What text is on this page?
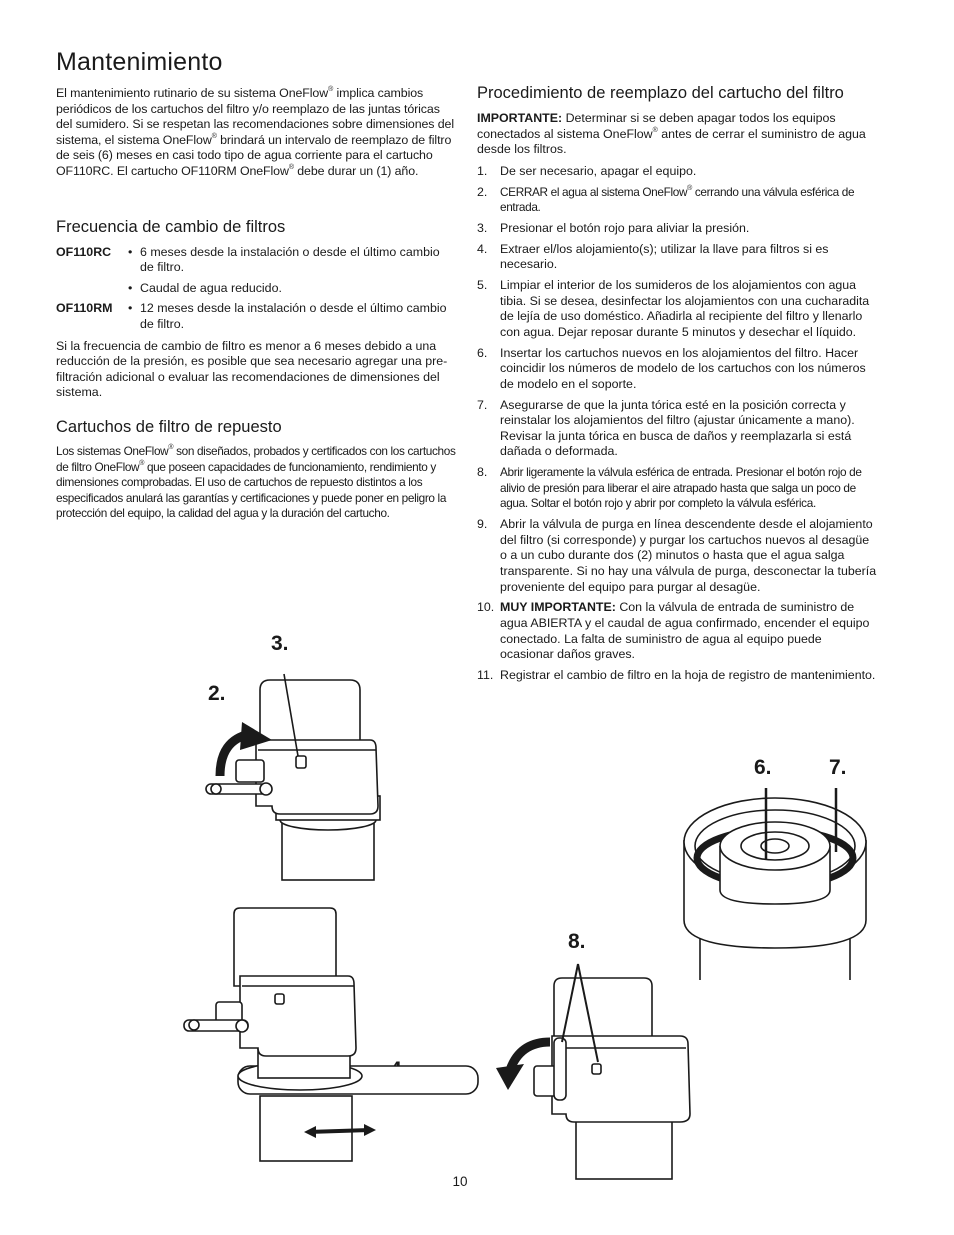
Mantenimiento

El mantenimiento rutinario de su sistema OneFlow® implica cambios periódicos de los cartuchos del filtro y/o reemplazo de las juntas tóricas del sumidero. Si se respetan las recomendaciones sobre dimensiones del sistema, el sistema OneFlow® brindará un intervalo de reemplazo de filtro de seis (6) meses en casi todo tipo de agua corriente para el cartucho OF110RC. El cartucho OF110RM OneFlow® debe durar un (1) año.

Frecuencia de cambio de filtros
OF110RC	• 6 meses desde la instalación o desde el último cambio de filtro.
• Caudal de agua reducido.
OF110RM	• 12 meses desde la instalación o desde el último cambio de filtro.

Si la frecuencia de cambio de filtro es menor a 6 meses debido a una reducción de la presión, es posible que sea necesario agregar una pre-filtración adicional o evaluar las recomendaciones de dimensiones del sistema.

Cartuchos de filtro de repuesto

Los sistemas OneFlow® son diseñados, probados y certificados con los cartuchos de filtro OneFlow® que poseen capacidades de funcionamiento, rendimiento y dimensiones comprobadas. El uso de cartuchos de repuesto distintos a los especificados anulará las garantías y certificaciones y puede poner en peligro la protección del equipo, la calidad del agua y la duración del cartucho.

Procedimiento de reemplazo del cartucho del filtro

IMPORTANTE: Determinar si se deben apagar todos los equipos conectados al sistema OneFlow® antes de cerrar el suministro de agua desde los filtros.

1.	De ser necesario, apagar el equipo.
2.	CERRAR el agua al sistema OneFlow® cerrando una válvula esférica de entrada.
3.	Presionar el botón rojo para aliviar la presión.
4.	Extraer el/los alojamiento(s); utilizar la llave para filtros si es necesario.
5.	Limpiar el interior de los sumideros de los alojamientos con agua tibia. Si se desea, desinfectar los alojamientos con una cucharadita de lejía de uso doméstico. Añadirla al recipiente del filtro y llenarlo con agua. Dejar reposar durante 5 minutos y desechar el líquido.
6.	Insertar los cartuchos nuevos en los alojamientos del filtro. Hacer coincidir los números de modelo de los cartuchos con los números de modelo en el soporte.
7.	Asegurarse de que la junta tórica esté en la posición correcta y reinstalar los alojamientos del filtro (ajustar únicamente a mano). Revisar la junta tórica en busca de daños y reemplazarla si está dañada o deformada.
8.	Abrir ligeramente la válvula esférica de entrada. Presionar el botón rojo de alivio de presión para liberar el aire atrapado hasta que salga un poco de agua. Soltar el botón rojo y abrir por completo la válvula esférica.
9.	Abrir la válvula de purga en línea descendente desde el alojamiento del filtro (si corresponde) y purgar los cartuchos nuevos al desagüe o a un cubo durante dos (2) minutos o hasta que el agua salga transparente. Si no hay una válvula de purga, desconectar la tubería proveniente del equipo para purgar al desagüe.
10. MUY IMPORTANTE: Con la válvula de entrada de suministro de agua ABIERTA y el caudal de agua confirmado, encender el equipo conectado. La falta de suministro de agua al equipo puede ocasionar daños graves.
11. Registrar el cambio de filtro en la hoja de registro de mantenimiento.
3.
2.
6.	7.
8.
10
